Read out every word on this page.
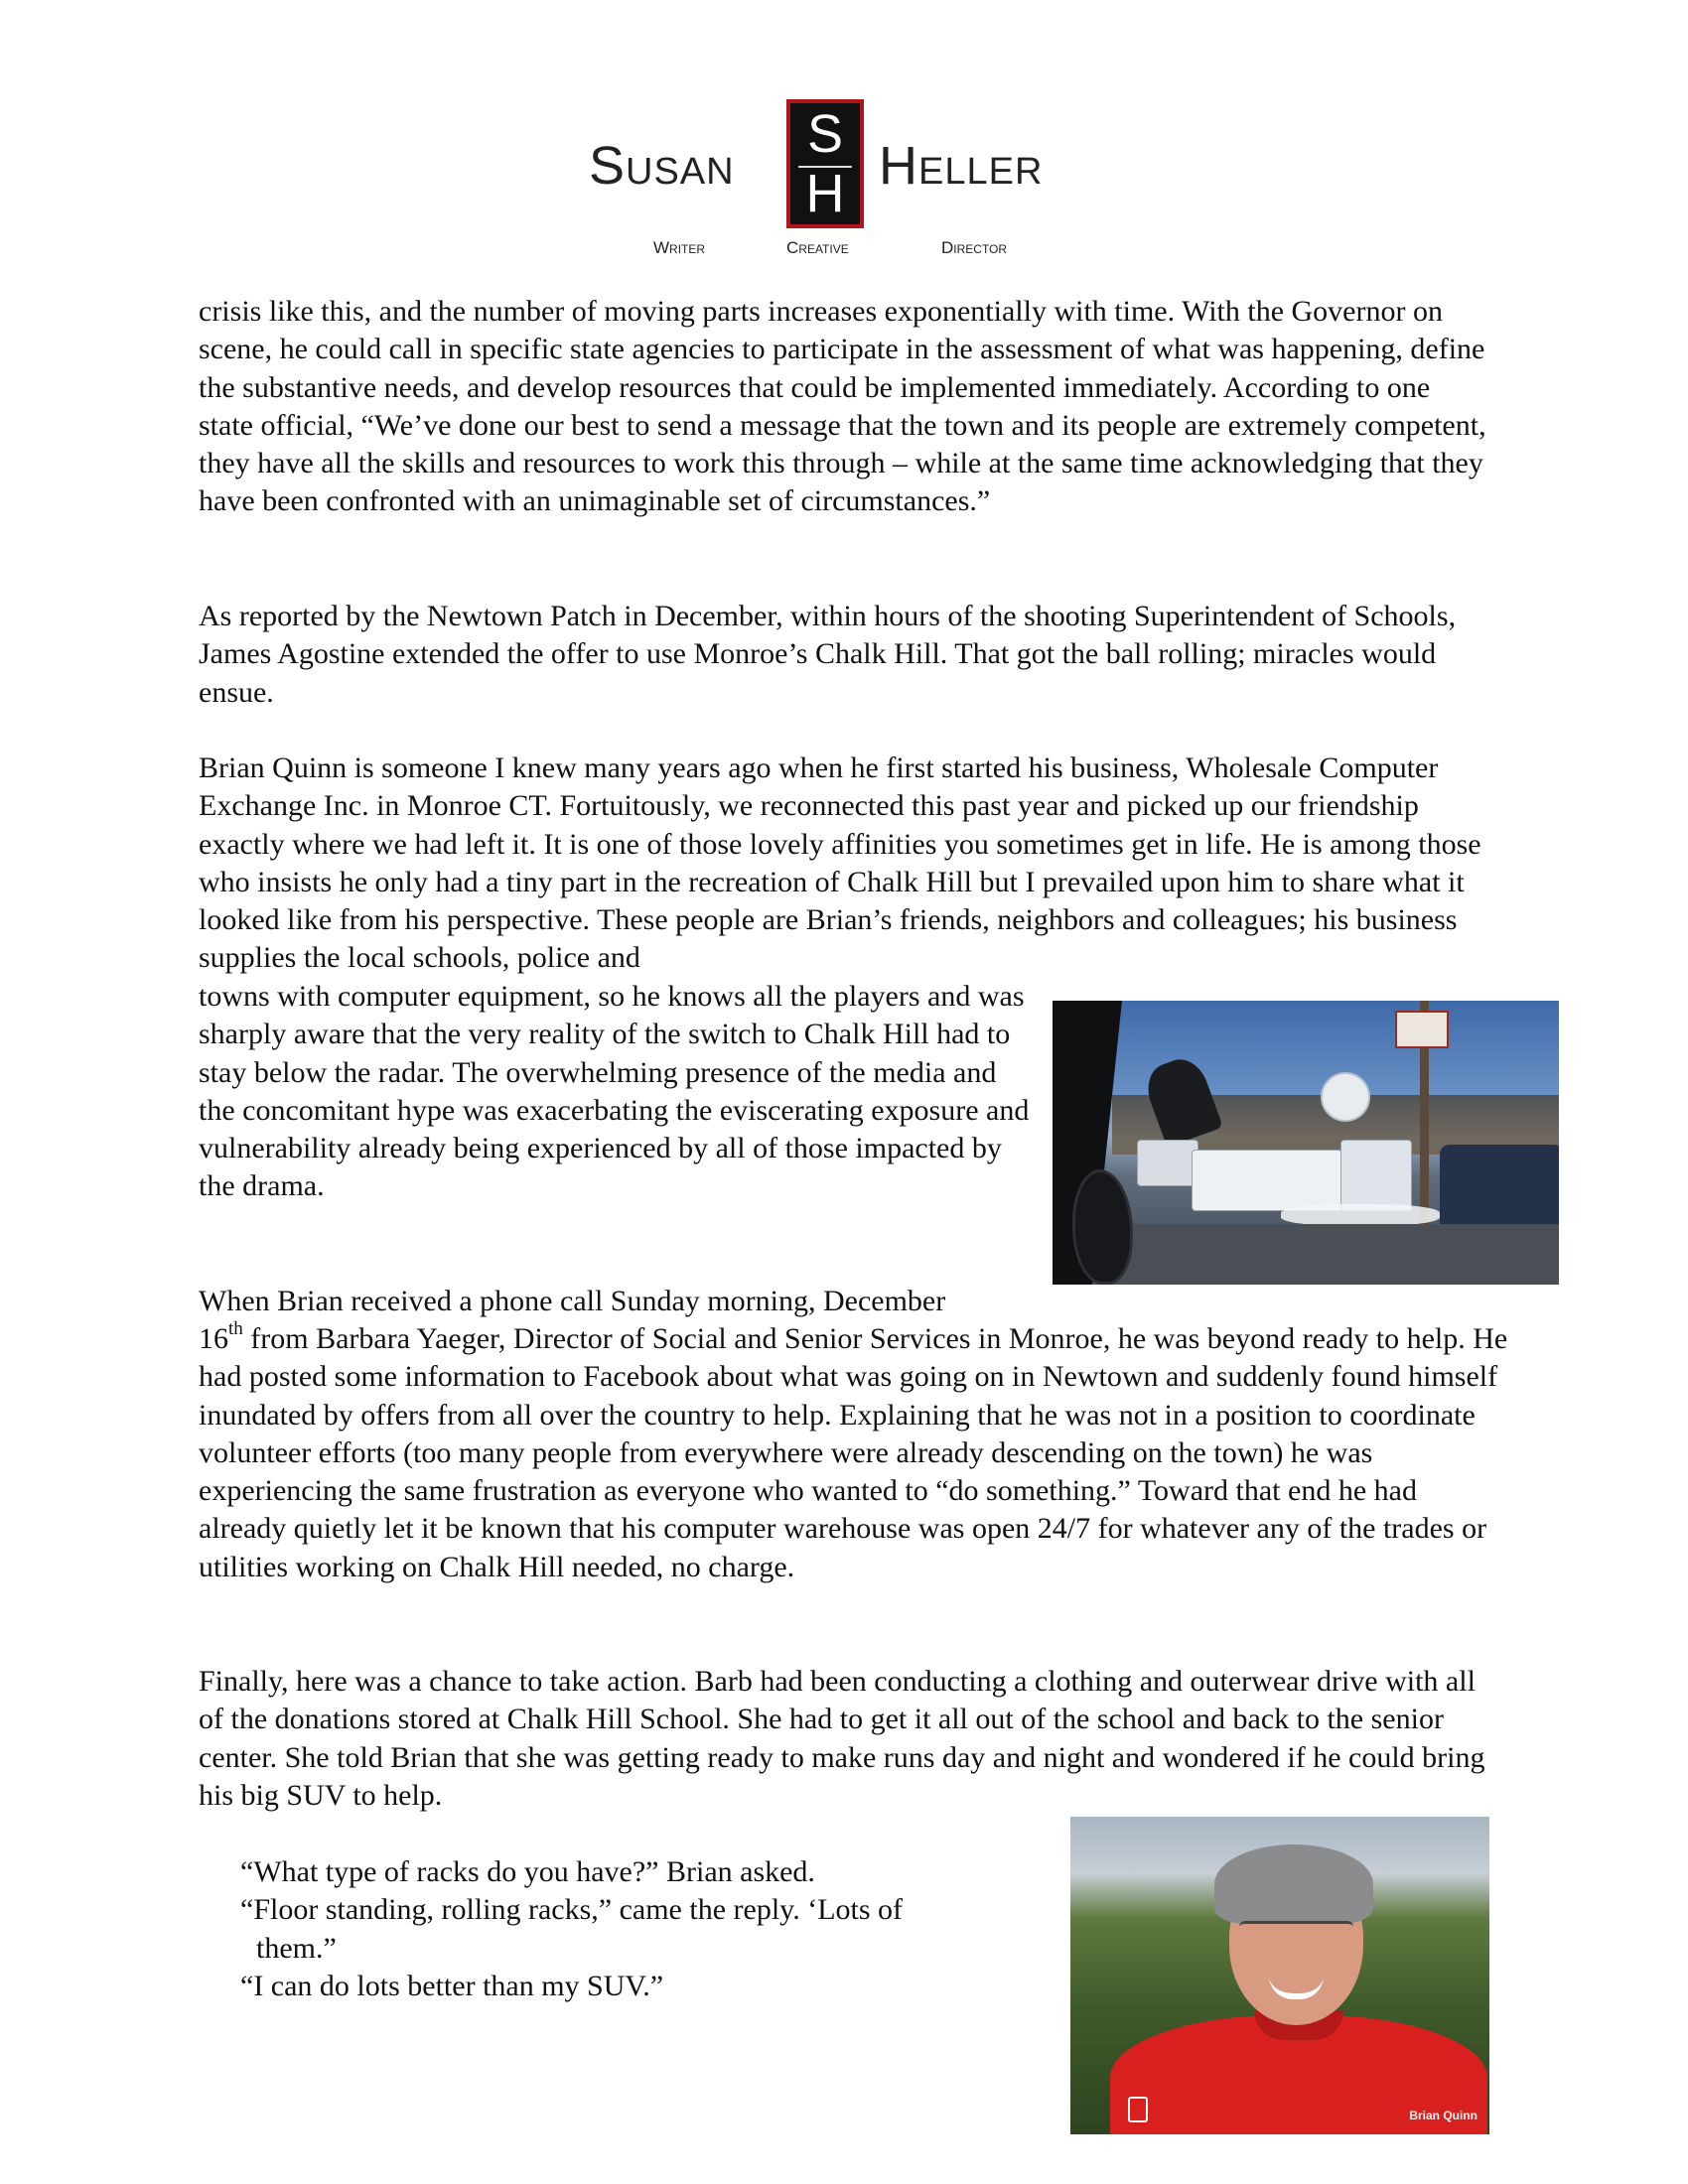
Susan
S
H Heller
Writer	Creative	Director

crisis like this, and the number of moving parts increases exponentially with time. With the Governor on scene, he could call in specific state agencies to participate in the assessment of what was happening, define the substantive needs, and develop resources that could be implemented immediately. According to one state official, “We’ve done our best to send a message that the town and its people are extremely competent, they have all the skills and resources to work this through – while at the same time acknowledging that they have been confronted with an unimaginable set of circumstances.”

As reported by the Newtown Patch in December, within hours of the shooting Superintendent of Schools, James Agostine extended the offer to use Monroe’s Chalk Hill. That got the ball rolling; miracles would ensue.

Brian Quinn is someone I knew many years ago when he first started his business, Wholesale Computer Exchange Inc. in Monroe CT. Fortuitously, we reconnected this past year and picked up our friendship exactly where we had left it. It is one of those lovely affinities you sometimes get in life. He is among those who insists he only had a tiny part in the recreation of Chalk Hill but I prevailed upon him to share what it looked like from his perspective. These people are Brian’s friends, neighbors and colleagues; his business supplies the local schools, police and

towns with computer equipment, so he knows all the players and was sharply aware that the very reality of the switch to Chalk Hill had to stay below the radar. The overwhelming presence of the media and the concomitant hype was exacerbating the eviscerating exposure and vulnerability already being experienced by all of those impacted by the drama.

When Brian received a phone call Sunday morning, December

16th from Barbara Yaeger, Director of Social and Senior Services in Monroe, he was beyond ready to help. He had posted some information to Facebook about what was going on in Newtown and suddenly found himself inundated by offers from all over the country to help. Explaining that he was not in a position to coordinate volunteer efforts (too many people from everywhere were already descending on the town) he was experiencing the same frustration as everyone who wanted to “do something.” Toward that end he had already quietly let it be known that his computer warehouse was open 24/7 for whatever any of the trades or utilities working on Chalk Hill needed, no charge.

Finally, here was a chance to take action. Barb had been conducting a clothing and outerwear drive with all of the donations stored at Chalk Hill School. She had to get it all out of the school and back to the senior center. She told Brian that she was getting ready to make runs day and night and wondered if he could bring his big SUV to help.

“What type of racks do you have?” Brian asked.
“Floor standing, rolling racks,” came the reply. ‘Lots of
them.”
“I can do lots better than my SUV.”
Brian Quinn
